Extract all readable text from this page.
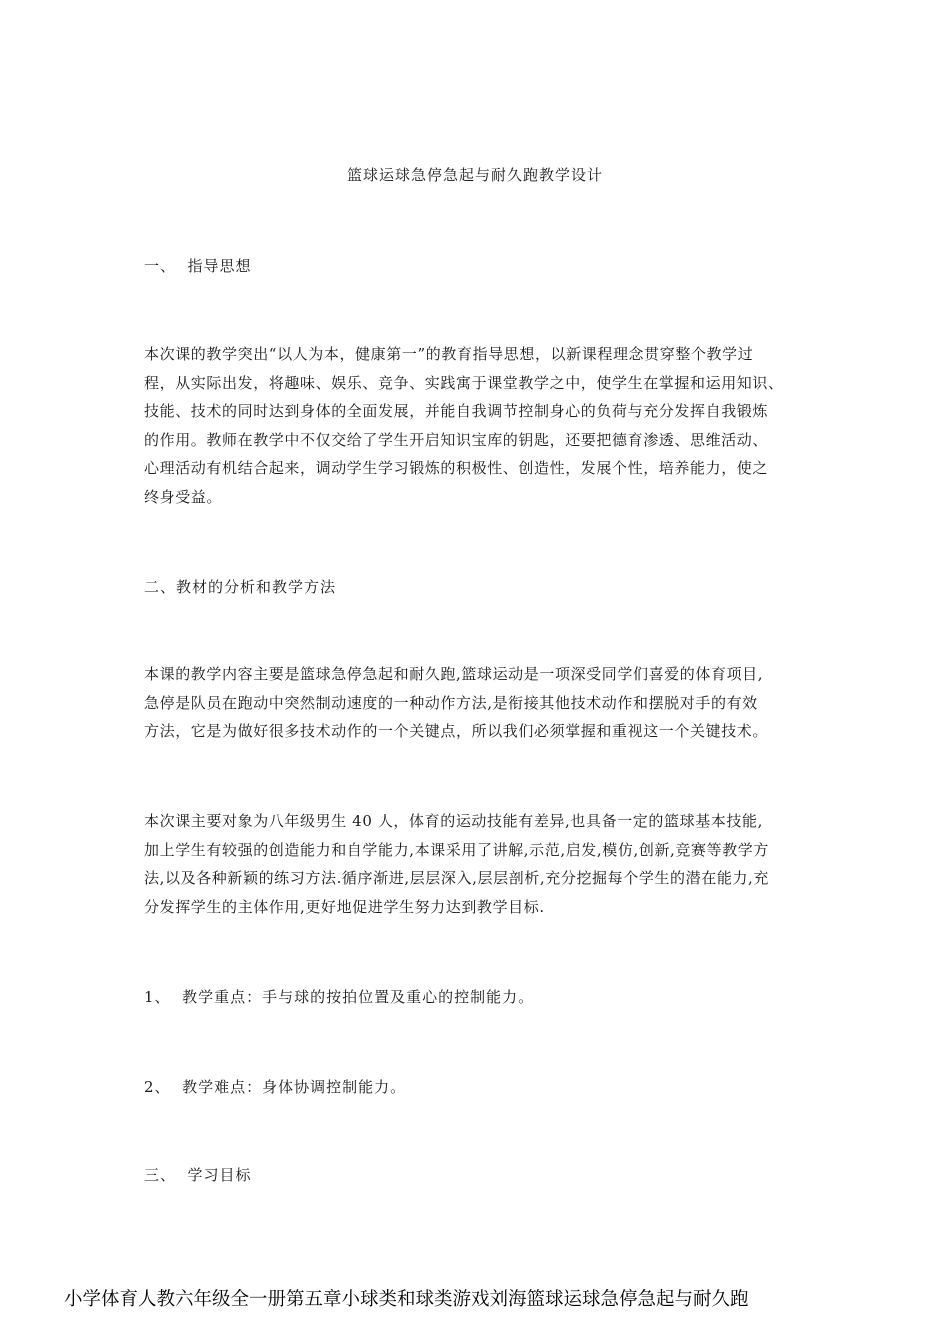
篮球运球急停急起与耐久跑教学设计
一、  指导思想
本次课的教学突出“以人为本，健康第一”的教育指导思想，以新课程理念贯穿整个教学过
程，从实际出发，将趣味、娱乐、竞争、实践寓于课堂教学之中，使学生在掌握和运用知识、
技能、技术的同时达到身体的全面发展，并能自我调节控制身心的负荷与充分发挥自我锻炼
的作用。教师在教学中不仅交给了学生开启知识宝库的钥匙，还要把德育渗透、思维活动、
心理活动有机结合起来，调动学生学习锻炼的积极性、创造性，发展个性，培养能力，使之
终身受益。
二、教材的分析和教学方法
本课的教学内容主要是篮球急停急起和耐久跑,篮球运动是一项深受同学们喜爱的体育项目,
急停是队员在跑动中突然制动速度的一种动作方法,是衔接其他技术动作和摆脱对手的有效
方法，它是为做好很多技术动作的一个关键点，所以我们必须掌握和重视这一个关键技术。
本次课主要对象为八年级男生 40 人，体育的运动技能有差异,也具备一定的篮球基本技能,
加上学生有较强的创造能力和自学能力,本课采用了讲解,示范,启发,模仿,创新,竞赛等教学方
法,以及各种新颖的练习方法.循序渐进,层层深入,层层剖析,充分挖掘每个学生的潜在能力,充
分发挥学生的主体作用,更好地促进学生努力达到教学目标.
1、  教学重点：手与球的按拍位置及重心的控制能力。
2、  教学难点：身体协调控制能力。
三、  学习目标
小学体育人教六年级全一册第五章小球类和球类游戏刘海篮球运球急停急起与耐久跑
